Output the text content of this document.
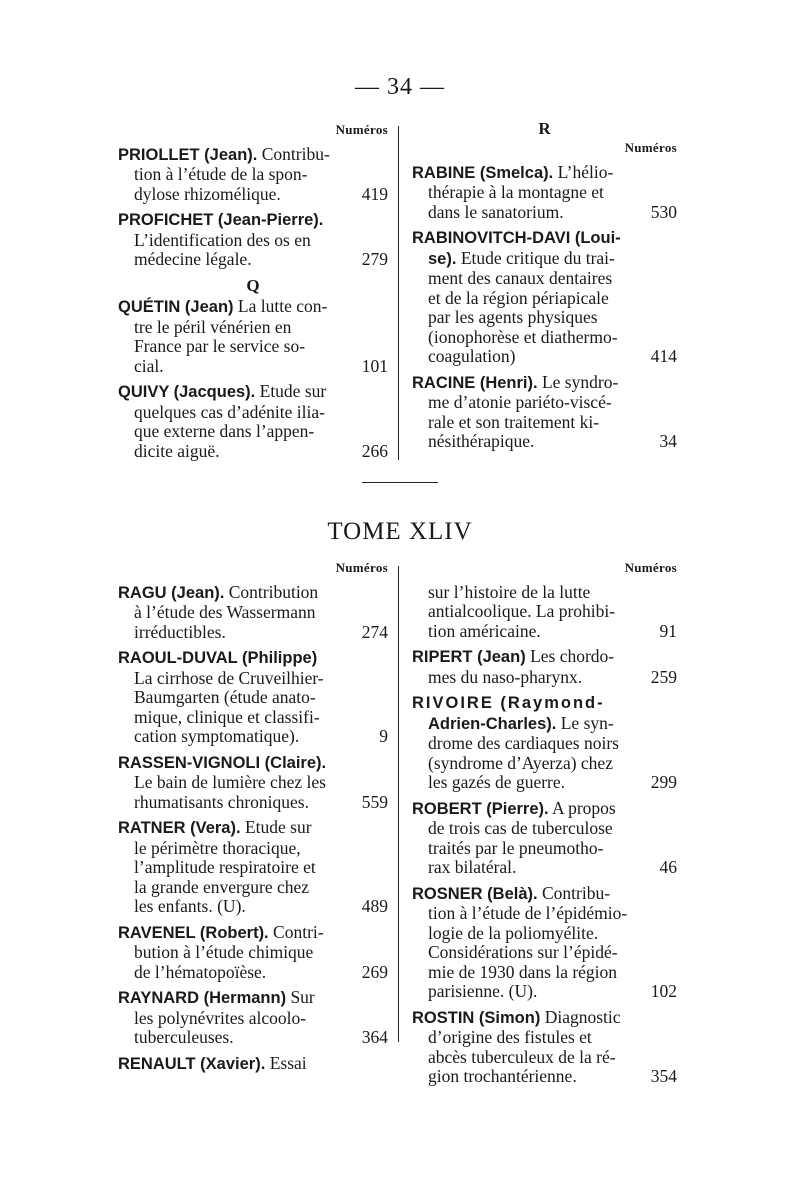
— 34 —
Numéros
PRIOLLET (Jean). Contribu-
tion à l’étude de la spon-
dylose rhizomélique.	419
PROFICHET (Jean-Pierre).
L’identification des os en
médecine légale.	279
Q
QUÉTIN (Jean) La lutte con-
tre le péril vénérien en
France par le service so-
cial.	101
QUIVY (Jacques). Etude sur
quelques cas d’adénite ilia-
que externe dans l’appen-
dicite aiguë.	266
R
Numéros
RABINE (Smelca). L’hélio-
thérapie à la montagne et
dans le sanatorium.	530
RABINOVITCH-DAVI (Loui-
se). Etude critique du trai-
ment des canaux dentaires
et de la région périapicale
par les agents physiques
(ionophorèse et diathermo-
coagulation)	414
RACINE (Henri). Le syndro-
me d’atonie pariéto-viscé-
rale et son traitement ki-
nésithérapique.	34
TOME XLIV
Numéros
RAGU (Jean). Contribution
à l’étude des Wassermann
irréductibles.	274
RAOUL-DUVAL (Philippe)
La cirrhose de Cruveilhier-
Baumgarten (étude anato-
mique, clinique et classifi-
cation symptomatique).	9
RASSEN-VIGNOLI (Claire).
Le bain de lumière chez les
rhumatisants chroniques.	559
RATNER (Vera). Etude sur
le périmètre thoracique,
l’amplitude respiratoire et
la grande envergure chez
les enfants. (U).	489
RAVENEL (Robert). Contri-
bution à l’étude chimique
de l’hématopoïèse.	269
RAYNARD (Hermann) Sur
les polynévrites alcoolo-
tuberculeuses.	364
RENAULT (Xavier). Essai
Numéros
sur l’histoire de la lutte
antialcoolique. La prohibi-
tion américaine.	91
RIPERT (Jean) Les chordo-
mes du naso-pharynx.	259
RIVOIRE (Raymond-
Adrien-Charles). Le syn-
drome des cardiaques noirs
(syndrome d’Ayerza) chez
les gazés de guerre.	299
ROBERT (Pierre). A propos
de trois cas de tuberculose
traités par le pneumotho-
rax bilatéral.	46
ROSNER (Belà). Contribu-
tion à l’étude de l’épidémio-
logie de la poliomyélite.
Considérations sur l’épidé-
mie de 1930 dans la région
parisienne. (U).	102
ROSTIN (Simon) Diagnostic
d’origine des fistules et
abcès tuberculeux de la ré-
gion trochantérienne.	354
